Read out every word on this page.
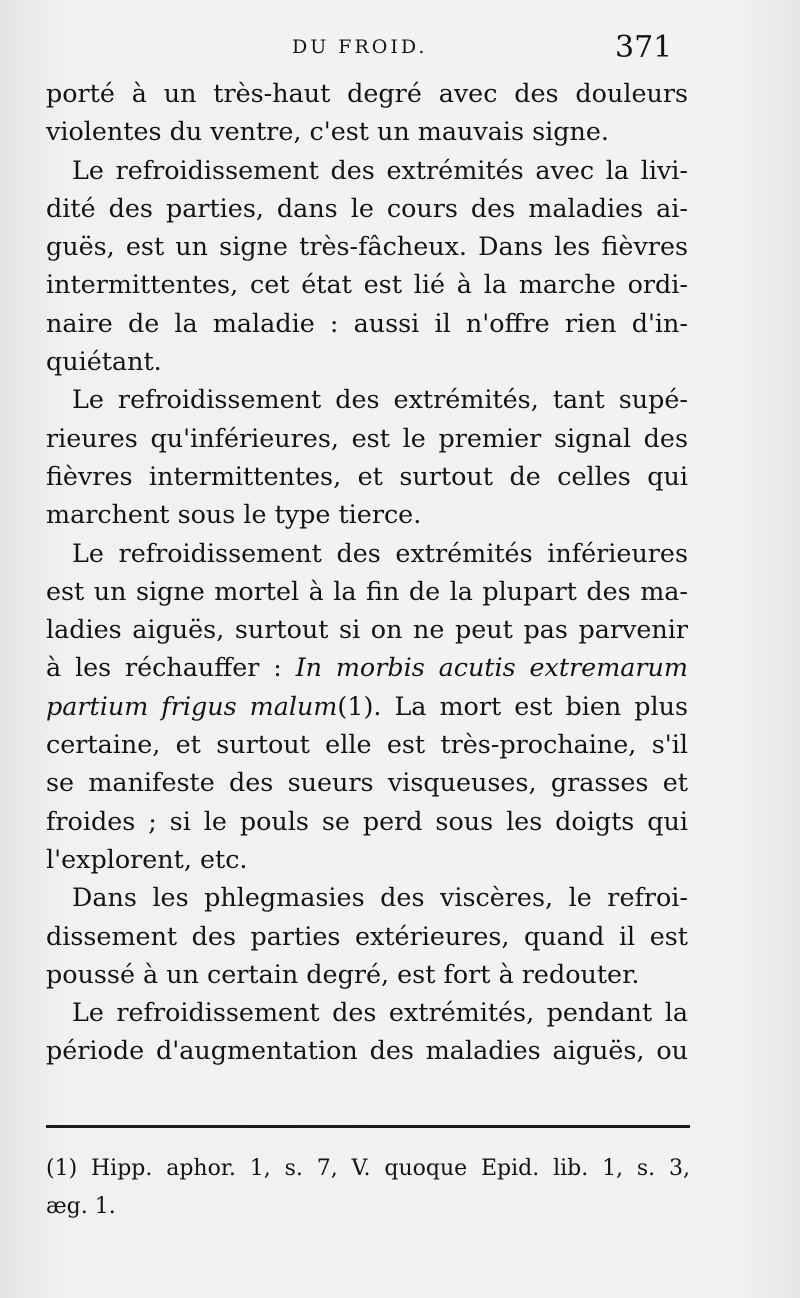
DU FROID.	371
porté à un très-haut degré avec des douleurs
violentes du ventre, c'est un mauvais signe.
Le refroidissement des extrémités avec la livi-
dité des parties, dans le cours des maladies ai-
guës, est un signe très-fâcheux. Dans les fièvres
intermittentes, cet état est lié à la marche ordi-
naire de la maladie : aussi il n'offre rien d'in-
quiétant.
Le refroidissement des extrémités, tant supé-
rieures qu'inférieures, est le premier signal des
fièvres intermittentes, et surtout de celles qui
marchent sous le type tierce.
Le refroidissement des extrémités inférieures
est un signe mortel à la fin de la plupart des ma-
ladies aiguës, surtout si on ne peut pas parvenir
à les réchauffer : In morbis acutis extremarum
partium frigus malum(1). La mort est bien plus
certaine, et surtout elle est très-prochaine, s'il
se manifeste des sueurs visqueuses, grasses et
froides ; si le pouls se perd sous les doigts qui
l'explorent, etc.
Dans les phlegmasies des viscères, le refroi-
dissement des parties extérieures, quand il est
poussé à un certain degré, est fort à redouter.
Le refroidissement des extrémités, pendant la
période d'augmentation des maladies aiguës, ou
(1) Hipp. aphor. 1, s. 7, V. quoque Epid. lib. 1, s. 3,
æg. 1.
